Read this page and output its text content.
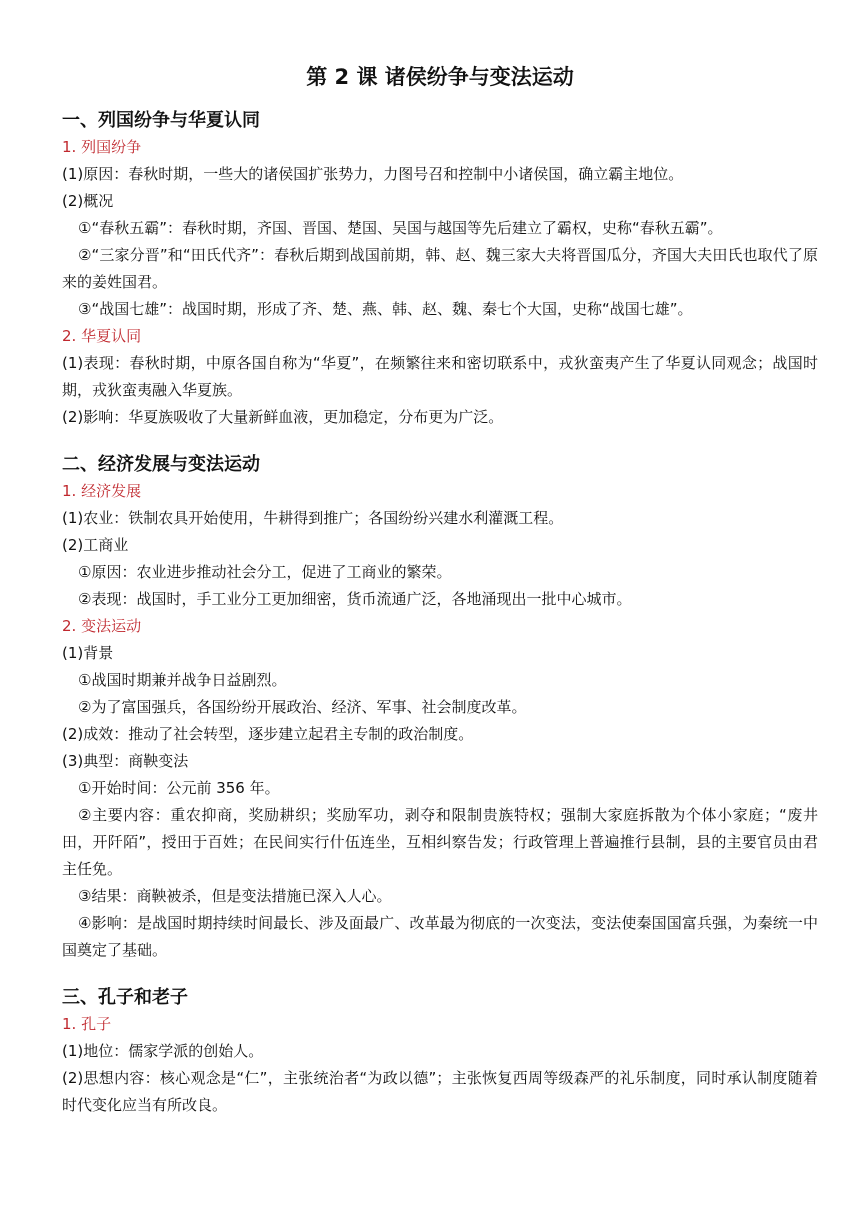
第 2 课 诸侯纷争与变法运动
一、列国纷争与华夏认同
1. 列国纷争

(1)原因：春秋时期，一些大的诸侯国扩张势力，力图号召和控制中小诸侯国，确立霸主地位。

(2)概况

①“春秋五霸”：春秋时期，齐国、晋国、楚国、吴国与越国等先后建立了霸权，史称“春秋五霸”。

②“三家分晋”和“田氏代齐”：春秋后期到战国前期，韩、赵、魏三家大夫将晋国瓜分，齐国大夫田氏也取代了原来的姜姓国君。

③“战国七雄”：战国时期，形成了齐、楚、燕、韩、赵、魏、秦七个大国，史称“战国七雄”。

2. 华夏认同

(1)表现：春秋时期，中原各国自称为“华夏”，在频繁往来和密切联系中，戎狄蛮夷产生了华夏认同观念；战国时期，戎狄蛮夷融入华夏族。

(2)影响：华夏族吸收了大量新鲜血液，更加稳定，分布更为广泛。

二、经济发展与变法运动
1. 经济发展

(1)农业：铁制农具开始使用，牛耕得到推广；各国纷纷兴建水利灌溉工程。

(2)工商业

①原因：农业进步推动社会分工，促进了工商业的繁荣。

②表现：战国时，手工业分工更加细密，货币流通广泛，各地涌现出一批中心城市。

2. 变法运动

(1)背景

①战国时期兼并战争日益剧烈。

②为了富国强兵，各国纷纷开展政治、经济、军事、社会制度改革。

(2)成效：推动了社会转型，逐步建立起君主专制的政治制度。

(3)典型：商鞅变法

①开始时间：公元前 356 年。

②主要内容：重农抑商，奖励耕织；奖励军功，剥夺和限制贵族特权；强制大家庭拆散为个体小家庭；“废井田，开阡陌”，授田于百姓；在民间实行什伍连坐，互相纠察告发；行政管理上普遍推行县制，县的主要官员由君主任免。

③结果：商鞅被杀，但是变法措施已深入人心。

④影响：是战国时期持续时间最长、涉及面最广、改革最为彻底的一次变法，变法使秦国国富兵强，为秦统一中国奠定了基础。

三、孔子和老子
1. 孔子

(1)地位：儒家学派的创始人。

(2)思想内容：核心观念是“仁”，主张统治者“为政以德”；主张恢复西周等级森严的礼乐制度，同时承认制度随着时代变化应当有所改良。
